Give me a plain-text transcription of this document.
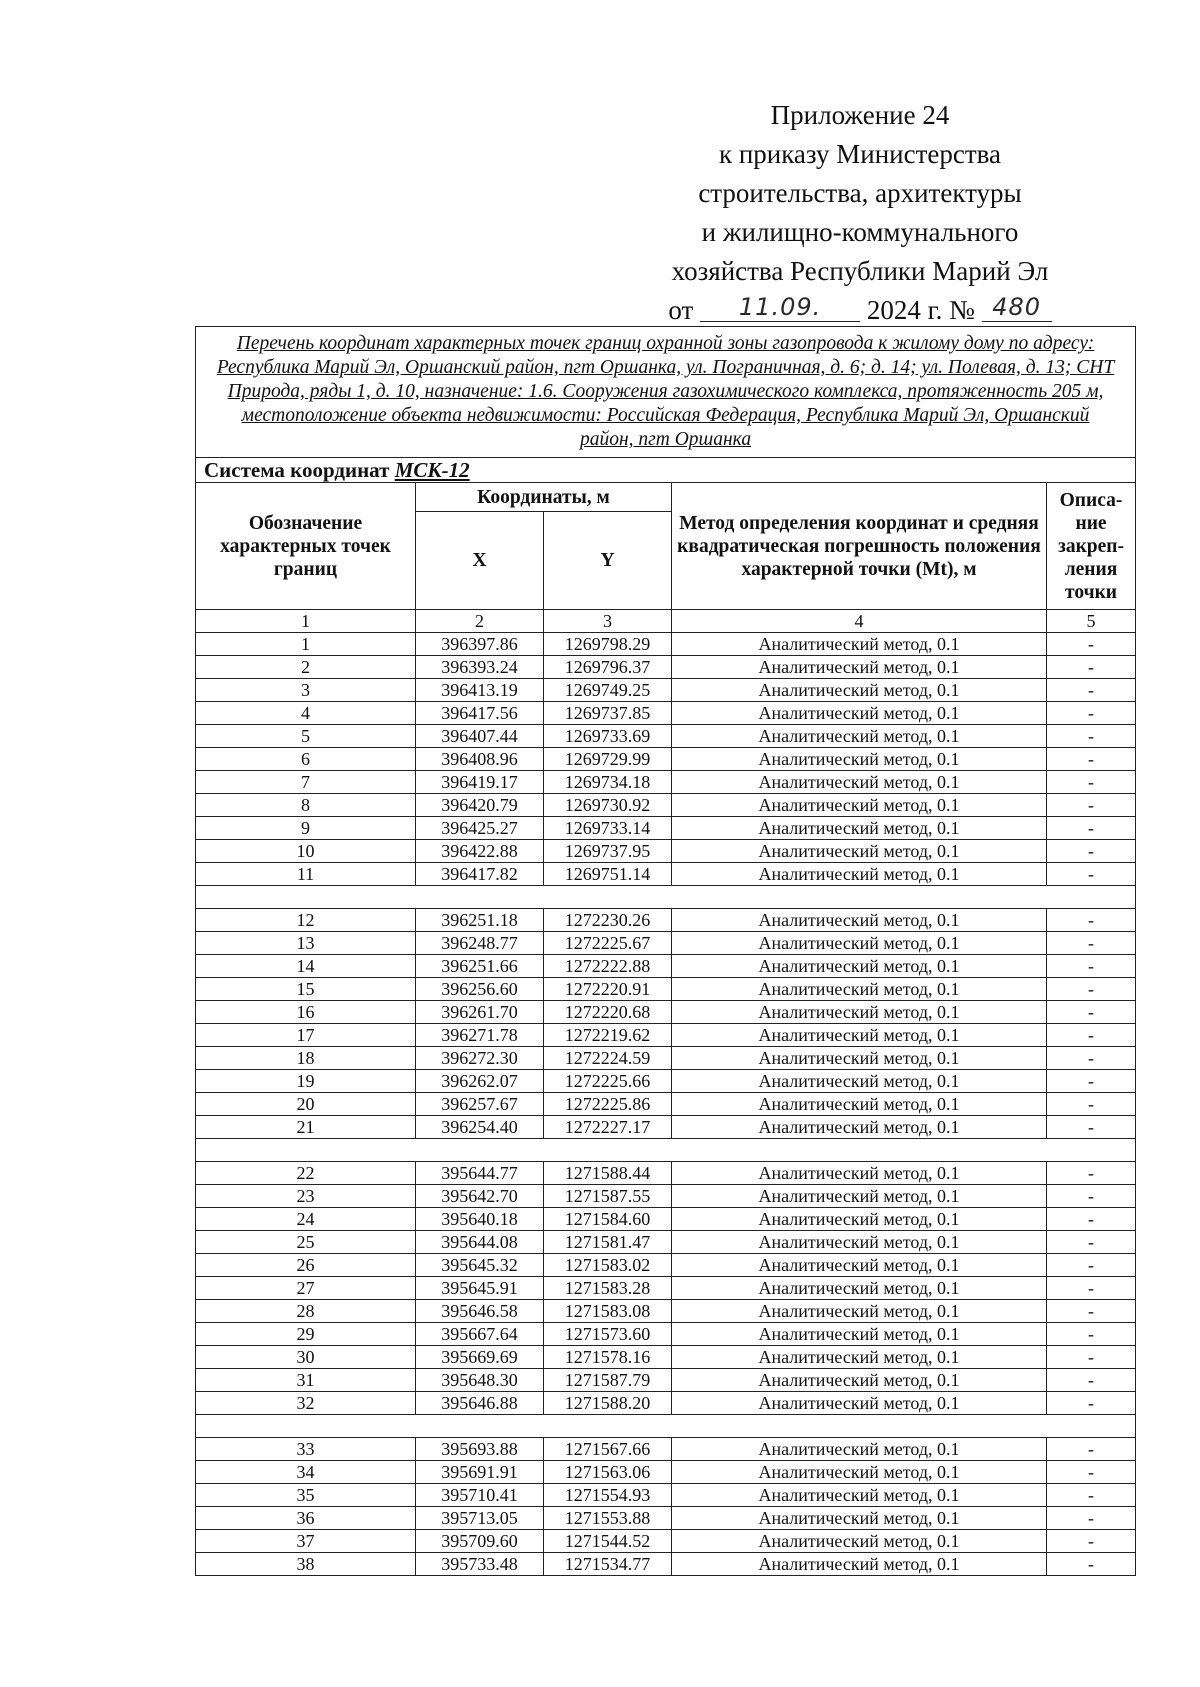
Приложение 24
к приказу Министерства
строительства, архитектуры
и жилищно-коммунального
хозяйства Республики Марий Эл
от 11.09. 2024 г. № 480
Перечень координат характерных точек границ охранной зоны газопровода к жилому дому по адресу: Республика Марий Эл, Оршанский район, пгт Оршанка, ул. Пограничная, д. 6; д. 14; ул. Полевая, д. 13; СНТ Природа, ряды 1, д. 10, назначение: 1.6. Сооружения газохимического комплекса, протяженность 205 м, местоположение объекта недвижимости: Российская Федерация, Республика Марий Эл, Оршанский район, пгт Оршанка				
Система координат МСК-12				
Обозначение характерных точек границ	Координаты, м		Метод определения координат и средняя квадратическая погрешность положения характерной точки (Mt), м	Описа-ние закреп-ления точки
	X	Y		
1	2	3	4	5
1	396397.86	1269798.29	Аналитический метод, 0.1	-
2	396393.24	1269796.37	Аналитический метод, 0.1	-
3	396413.19	1269749.25	Аналитический метод, 0.1	-
4	396417.56	1269737.85	Аналитический метод, 0.1	-
5	396407.44	1269733.69	Аналитический метод, 0.1	-
6	396408.96	1269729.99	Аналитический метод, 0.1	-
7	396419.17	1269734.18	Аналитический метод, 0.1	-
8	396420.79	1269730.92	Аналитический метод, 0.1	-
9	396425.27	1269733.14	Аналитический метод, 0.1	-
10	396422.88	1269737.95	Аналитический метод, 0.1	-
11	396417.82	1269751.14	Аналитический метод, 0.1	-

12	396251.18	1272230.26	Аналитический метод, 0.1	-
13	396248.77	1272225.67	Аналитический метод, 0.1	-
14	396251.66	1272222.88	Аналитический метод, 0.1	-
15	396256.60	1272220.91	Аналитический метод, 0.1	-
16	396261.70	1272220.68	Аналитический метод, 0.1	-
17	396271.78	1272219.62	Аналитический метод, 0.1	-
18	396272.30	1272224.59	Аналитический метод, 0.1	-
19	396262.07	1272225.66	Аналитический метод, 0.1	-
20	396257.67	1272225.86	Аналитический метод, 0.1	-
21	396254.40	1272227.17	Аналитический метод, 0.1	-

22	395644.77	1271588.44	Аналитический метод, 0.1	-
23	395642.70	1271587.55	Аналитический метод, 0.1	-
24	395640.18	1271584.60	Аналитический метод, 0.1	-
25	395644.08	1271581.47	Аналитический метод, 0.1	-
26	395645.32	1271583.02	Аналитический метод, 0.1	-
27	395645.91	1271583.28	Аналитический метод, 0.1	-
28	395646.58	1271583.08	Аналитический метод, 0.1	-
29	395667.64	1271573.60	Аналитический метод, 0.1	-
30	395669.69	1271578.16	Аналитический метод, 0.1	-
31	395648.30	1271587.79	Аналитический метод, 0.1	-
32	395646.88	1271588.20	Аналитический метод, 0.1	-

33	395693.88	1271567.66	Аналитический метод, 0.1	-
34	395691.91	1271563.06	Аналитический метод, 0.1	-
35	395710.41	1271554.93	Аналитический метод, 0.1	-
36	395713.05	1271553.88	Аналитический метод, 0.1	-
37	395709.60	1271544.52	Аналитический метод, 0.1	-
38	395733.48	1271534.77	Аналитический метод, 0.1	-
